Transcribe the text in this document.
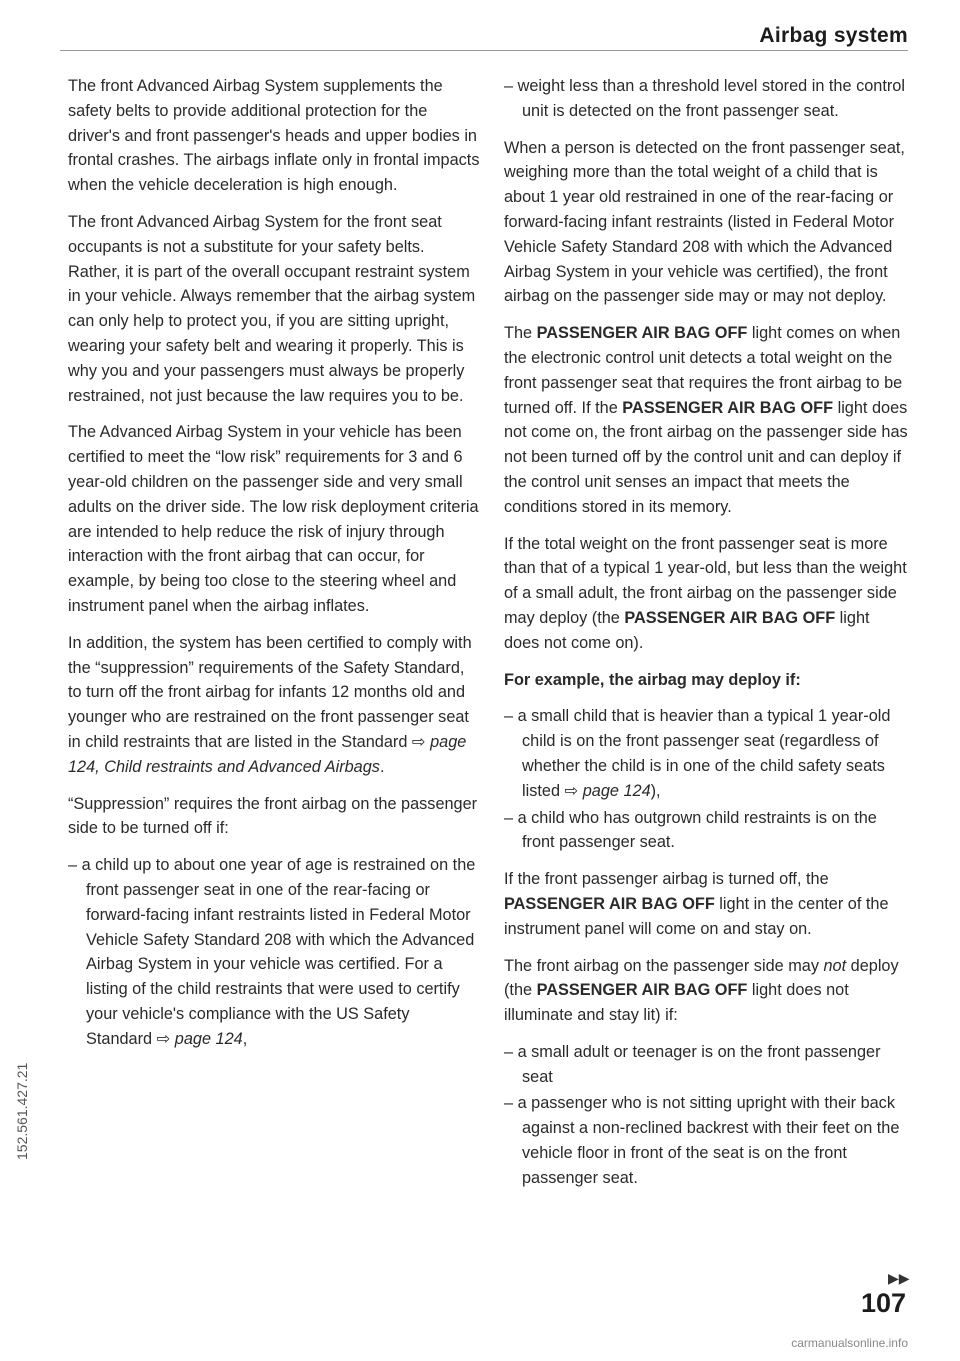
Airbag system
152.561.427.21

The front Advanced Airbag System supplements the safety belts to provide additional protection for the driver's and front passenger's heads and upper bodies in frontal crashes. The airbags inflate only in frontal impacts when the vehicle deceleration is high enough.

The front Advanced Airbag System for the front seat occupants is not a substitute for your safety belts. Rather, it is part of the overall occupant restraint system in your vehicle. Always remember that the airbag system can only help to protect you, if you are sitting upright, wearing your safety belt and wearing it properly. This is why you and your passengers must always be properly restrained, not just because the law requires you to be.

The Advanced Airbag System in your vehicle has been certified to meet the “low risk” requirements for 3 and 6 year-old children on the passenger side and very small adults on the driver side. The low risk deployment criteria are intended to help reduce the risk of injury through interaction with the front airbag that can occur, for example, by being too close to the steering wheel and instrument panel when the airbag inflates.

In addition, the system has been certified to comply with the “suppression” requirements of the Safety Standard, to turn off the front airbag for infants 12 months old and younger who are restrained on the front passenger seat in child restraints that are listed in the Standard ⇨ page 124, Child restraints and Advanced Airbags.

“Suppression” requires the front airbag on the passenger side to be turned off if:

– a child up to about one year of age is restrained on the front passenger seat in one of the rear-facing or forward-facing infant restraints listed in Federal Motor Vehicle Safety Standard 208 with which the Advanced Airbag System in your vehicle was certified. For a listing of the child restraints that were used to certify your vehicle's compliance with the US Safety Standard ⇨ page 124,
– weight less than a threshold level stored in the control unit is detected on the front passenger seat.

When a person is detected on the front passenger seat, weighing more than the total weight of a child that is about 1 year old restrained in one of the rear-facing or forward-facing infant restraints (listed in Federal Motor Vehicle Safety Standard 208 with which the Advanced Airbag System in your vehicle was certified), the front airbag on the passenger side may or may not deploy.

The PASSENGER AIR BAG OFF light comes on when the electronic control unit detects a total weight on the front passenger seat that requires the front airbag to be turned off. If the PASSENGER AIR BAG OFF light does not come on, the front airbag on the passenger side has not been turned off by the control unit and can deploy if the control unit senses an impact that meets the conditions stored in its memory.

If the total weight on the front passenger seat is more than that of a typical 1 year-old, but less than the weight of a small adult, the front airbag on the passenger side may deploy (the PASSENGER AIR BAG OFF light does not come on).

For example, the airbag may deploy if:
– a small child that is heavier than a typical 1 year-old child is on the front passenger seat (regardless of whether the child is in one of the child safety seats listed ⇨ page 124),
– a child who has outgrown child restraints is on the front passenger seat.

If the front passenger airbag is turned off, the PASSENGER AIR BAG OFF light in the center of the instrument panel will come on and stay on.

The front airbag on the passenger side may not deploy (the PASSENGER AIR BAG OFF light does not illuminate and stay lit) if:

– a small adult or teenager is on the front passenger seat
– a passenger who is not sitting upright with their back against a non-reclined backrest with their feet on the vehicle floor in front of the seat is on the front passenger seat.
▶▶
107
carmanualsonline.info
